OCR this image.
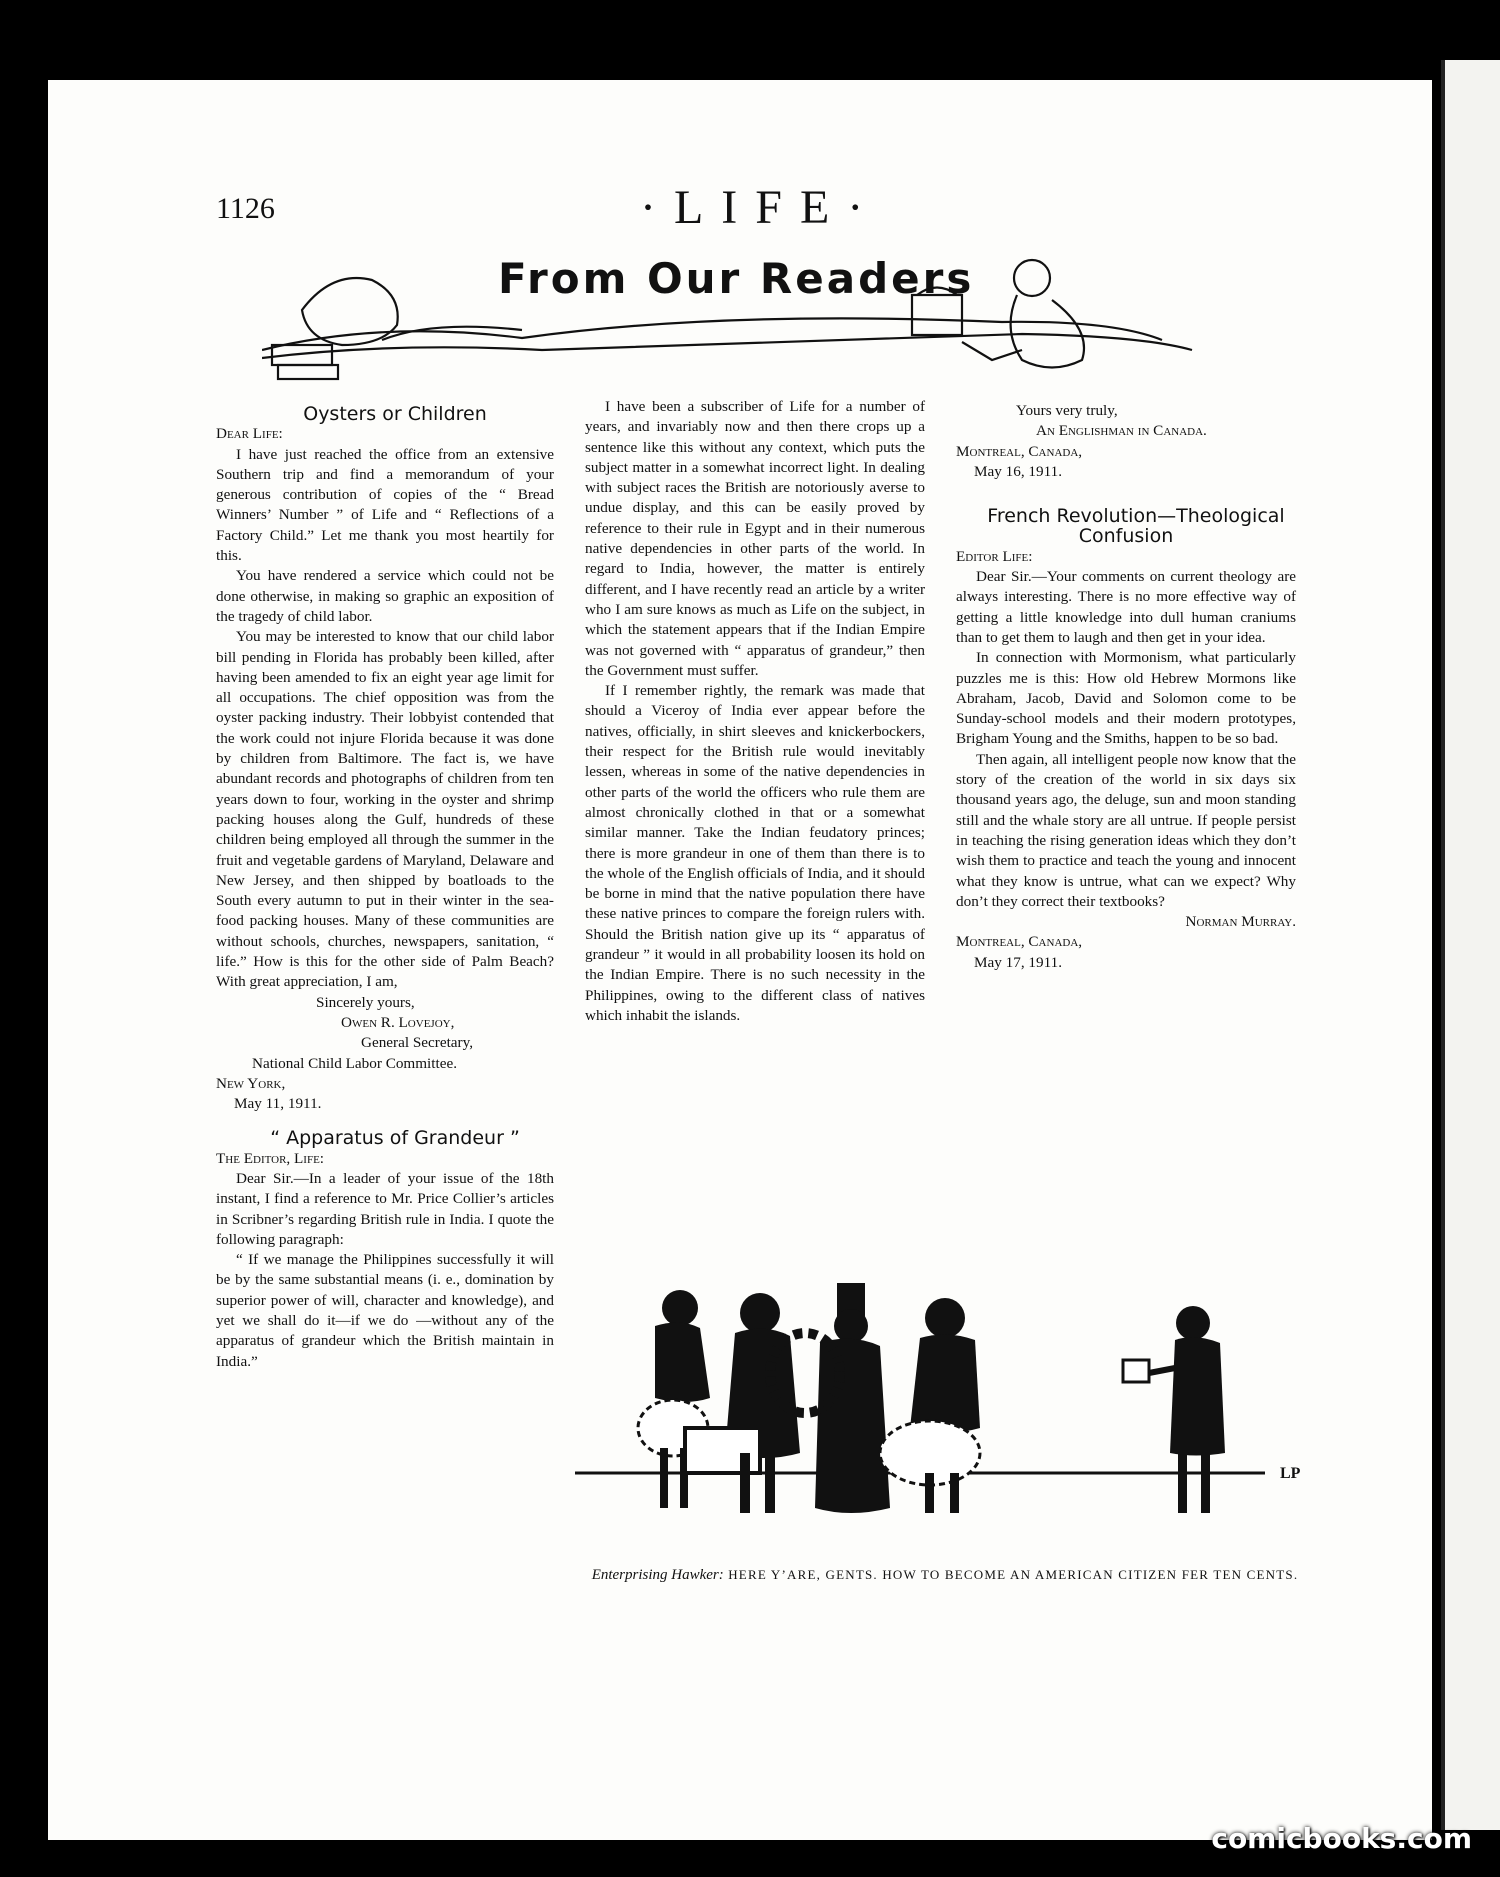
1126	·LIFE·
From Our Readers

Oysters or Children

Dear Life:

I have just reached the office from an extensive Southern trip and find a memorandum of your generous contribution of copies of the “ Bread Winners’ Number ” of Life and “ Reflections of a Factory Child.” Let me thank you most heartily for this.

You have rendered a service which could not be done otherwise, in making so graphic an exposition of the tragedy of child labor.

You may be interested to know that our child labor bill pending in Florida has probably been killed, after having been amended to fix an eight year age limit for all occupations. The chief opposition was from the oyster packing industry. Their lobbyist contended that the work could not injure Florida because it was done by children from Baltimore. The fact is, we have abundant records and photographs of children from ten years down to four, working in the oyster and shrimp packing houses along the Gulf, hundreds of these children being employed all through the summer in the fruit and vegetable gardens of Maryland, Delaware and New Jersey, and then shipped by boatloads to the South every autumn to put in their winter in the sea-food packing houses. Many of these communities are without schools, churches, newspapers, sanitation, “ life.” How is this for the other side of Palm Beach? With great appreciation, I am,

Sincerely yours,

Owen R. Lovejoy,

General Secretary,

National Child Labor Committee.

New York,

May 11, 1911.

“ Apparatus of Grandeur ”

The Editor, Life:

Dear Sir.—In a leader of your issue of the 18th instant, I find a reference to Mr. Price Collier’s articles in Scribner’s regarding British rule in India. I quote the following paragraph:

“ If we manage the Philippines successfully it will be by the same substantial means (i. e., domination by superior power of will, character and knowledge), and yet we shall do it—if we do —without any of the apparatus of grandeur which the British maintain in India.”

I have been a subscriber of Life for a number of years, and invariably now and then there crops up a sentence like this without any context, which puts the subject matter in a somewhat incorrect light. In dealing with subject races the British are notoriously averse to undue display, and this can be easily proved by reference to their rule in Egypt and in their numerous native dependencies in other parts of the world. In regard to India, however, the matter is entirely different, and I have recently read an article by a writer who I am sure knows as much as Life on the subject, in which the statement appears that if the Indian Empire was not governed with “ apparatus of grandeur,” then the Government must suffer.

If I remember rightly, the remark was made that should a Viceroy of India ever appear before the natives, officially, in shirt sleeves and knickerbockers, their respect for the British rule would inevitably lessen, whereas in some of the native dependencies in other parts of the world the officers who rule them are almost chronically clothed in that or a somewhat similar manner. Take the Indian feudatory princes; there is more grandeur in one of them than there is to the whole of the English officials of India, and it should be borne in mind that the native population there have these native princes to compare the foreign rulers with. Should the British nation give up its “ apparatus of grandeur ” it would in all probability loosen its hold on the Indian Empire. There is no such necessity in the Philippines, owing to the different class of natives which inhabit the islands.

Yours very truly,

An Englishman in Canada.

Montreal, Canada,

May 16, 1911.

French Revolution—Theological Confusion

Editor Life:

Dear Sir.—Your comments on current theology are always interesting. There is no more effective way of getting a little knowledge into dull human craniums than to get them to laugh and then get in your idea.

In connection with Mormonism, what particularly puzzles me is this: How old Hebrew Mormons like Abraham, Jacob, David and Solomon come to be Sunday-school models and their modern prototypes, Brigham Young and the Smiths, happen to be so bad.

Then again, all intelligent people now know that the story of the creation of the world in six days six thousand years ago, the deluge, sun and moon standing still and the whale story are all untrue. If people persist in teaching the rising generation ideas which they don’t wish them to practice and teach the young and innocent what they know is untrue, what can we expect? Why don’t they correct their textbooks?

Norman Murray.

Montreal, Canada,

May 17, 1911.

LP
Enterprising Hawker: HERE Y’ARE, GENTS. HOW TO BECOME AN AMERICAN CITIZEN FER TEN CENTS.
comicbooks.com
